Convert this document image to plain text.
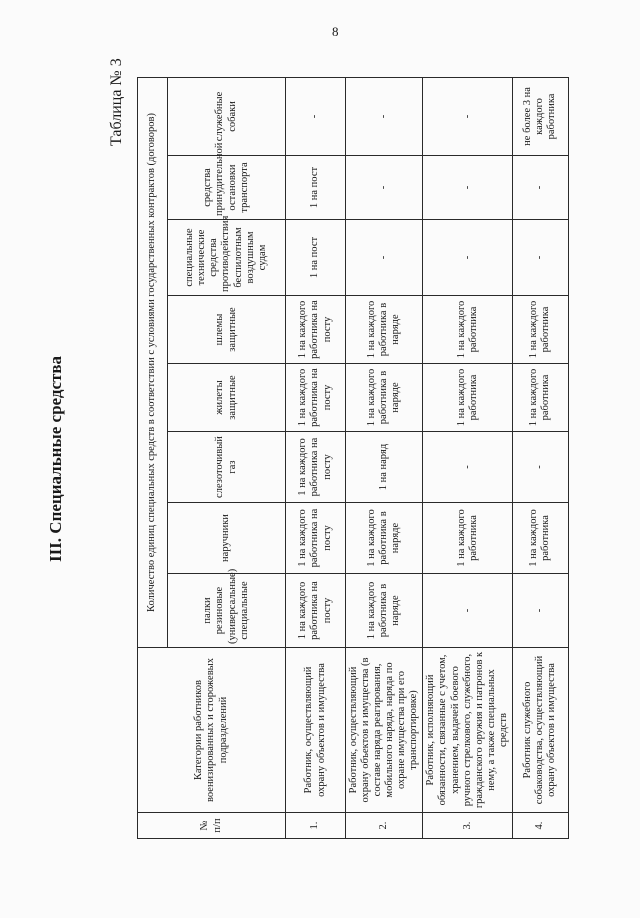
8
III. Специальные средства
Таблица № 3
№ п/п	Категории работников военизированных и сторожевых подразделений	Количество единиц специальных средств в соответствии с условиями государственных контрактов (договоров)							
		палки резиновые (универсальные) специальные	наручники	слезоточивый газ	жилеты защитные	шлемы защитные	специальные технические средства противодействия беспилотным воздушным судам	средства принудительной остановки транспорта	служебные собаки
1.	Работник, осуществляющий охрану объектов и имущества	1 на каждого работника на посту	1 на каждого работника на посту	1 на каждого работника на посту	1 на каждого работника на посту	1 на каждого работника на посту	1 на пост	1 на пост	-
2.	Работник, осуществляющий охрану объектов и имущества (в составе наряда реагирования, мобильного наряда, наряда по охране имущества при его транспортировке)	1 на каждого работника в наряде	1 на каждого работника в наряде	1 на наряд	1 на каждого работника в наряде	1 на каждого работника в наряде	-	-	-
3.	Работник, исполняющий обязанности, связанные с учетом, хранением, выдачей боевого ручного стрелкового, служебного, гражданского оружия и патронов к нему, а также специальных средств	-	1 на каждого работника	-	1 на каждого работника	1 на каждого работника	-	-	-
4.	Работник служебного собаководства, осуществляющий охрану объектов и имущества	-	1 на каждого работника	-	1 на каждого работника	1 на каждого работника	-	-	не более 3 на каждого работника
